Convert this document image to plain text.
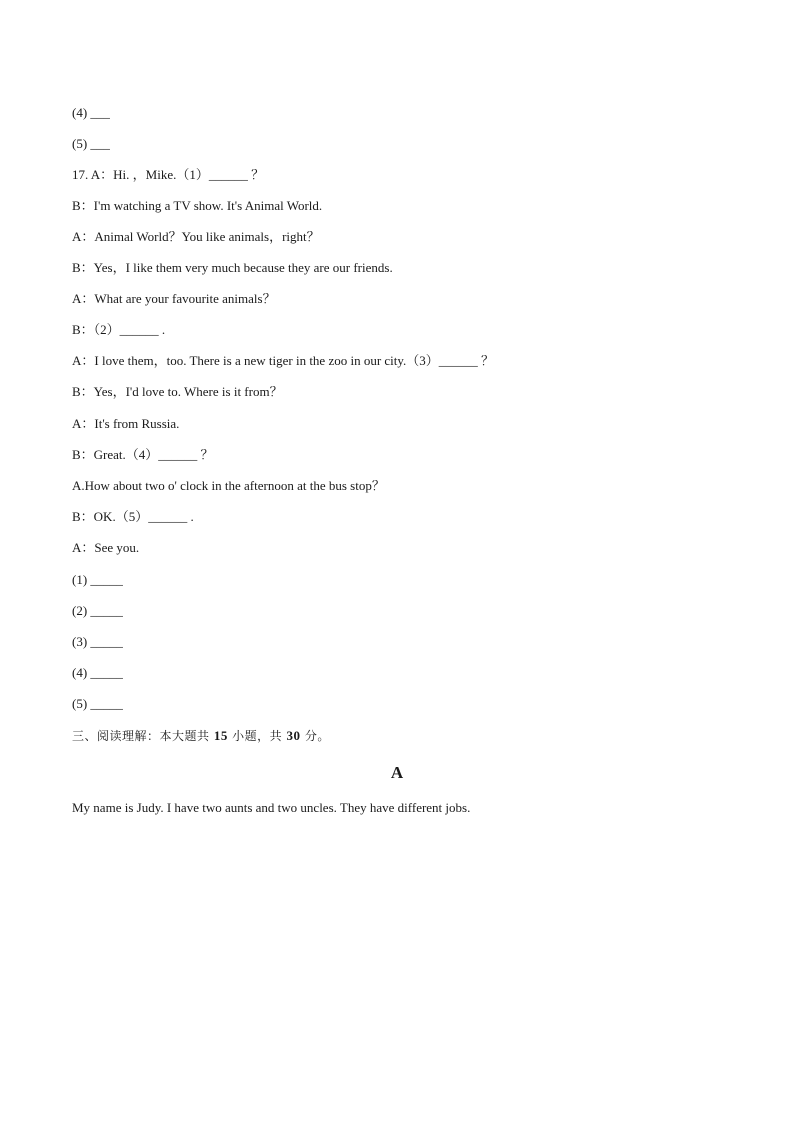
(4) ___
(5) ___
17. A：Hi. ，Mike.（1）______ ？
B：I'm watching a TV show. It's Animal World.
A：Animal World？You like animals，right？
B：Yes，I like them very much because they are our friends.
A：What are your favourite animals？
B：（2）______ .
A：I love them，too. There is a new tiger in the zoo in our city.（3）______ ？
B：Yes，I'd love to. Where is it from？
A：It's from Russia.
B：Great.（4）______ ？
A.How about two o' clock in the afternoon at the bus stop？
B：OK.（5）______ .
A：See you.
(1) _____
(2) _____
(3) _____
(4) _____
(5) _____
三、阅读理解：本大题共 15 小题，共 30 分。
A
My name is Judy. I have two aunts and two uncles. They have different jobs.
